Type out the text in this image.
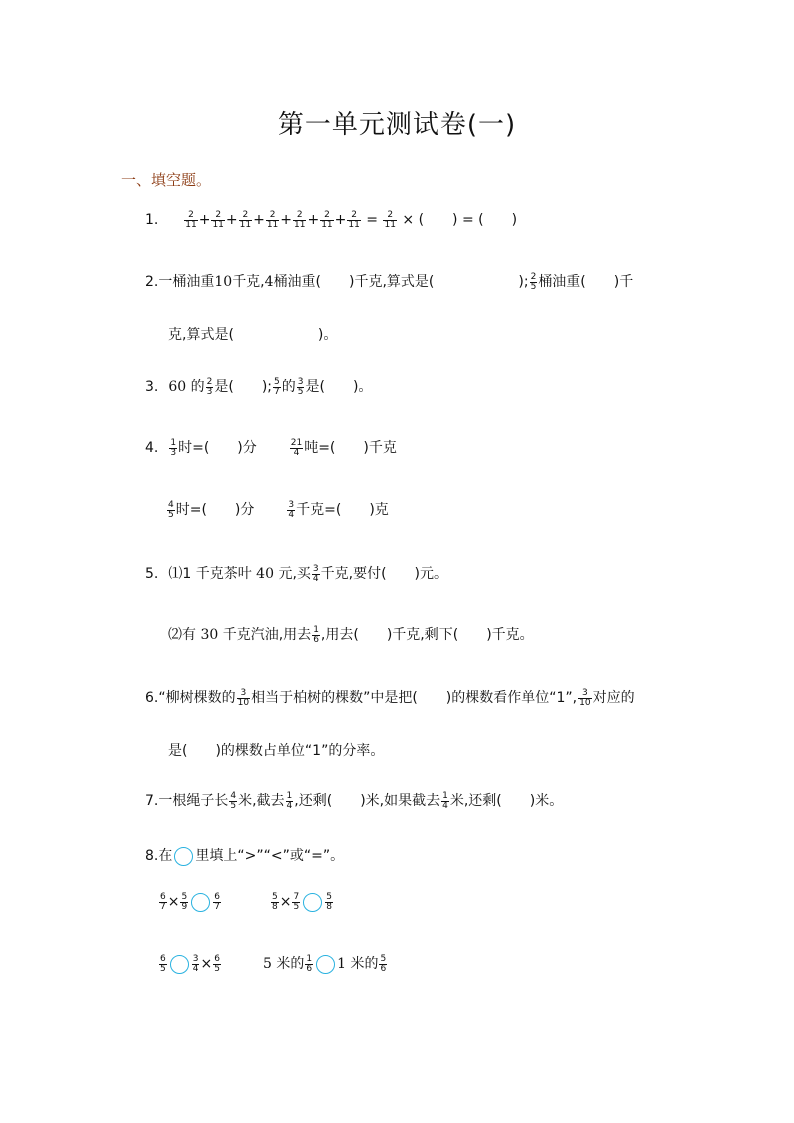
第一单元测试卷(一)
一、填空题。
1.	$\frac{2}{11} + \frac{2}{11} + \frac{2}{11} + \frac{2}{11} + \frac{2}{11} + \frac{2}{11} + \frac{2}{11} = \frac{2}{11}$ × (　　) = (　　)
2.一桶油重10千克,4桶油重(　　)千克,算式是(　　　　　　); $\frac{2}{5}$ 桶油重(　　)千
克,算式是(　　　　　　)。
3. 60 的 $\frac{2}{3}$ 是(　　); $\frac{5}{7}$ 的 $\frac{3}{5}$ 是(　　)。
4. $\frac{1}{3}$ 时=(　　)分	$\frac{21}{4}$ 吨=(　　)千克
$\frac{4}{5}$ 时=(　　)分	$\frac{3}{4}$ 千克=(　　)克
5. ⑴1 千克茶叶 40 元,买 $\frac{3}{4}$ 千克,要付(　　)元。
⑵有 30 千克汽油,用去 $\frac{1}{6}$ ,用去(　　)千克,剩下(　　)千克。
6.“柳树棵数的 $\frac{3}{10}$ 相当于柏树的棵数”中是把(　　)的棵数看作单位“1”, $\frac{3}{10}$ 对应的
是(　　)的棵数占单位“1”的分率。
7.一根绳子长 $\frac{4}{5}$ 米,截去 $\frac{1}{4}$ ,还剩(　　)米,如果截去 $\frac{1}{4}$ 米,还剩(　　)米。
8.在 里填上“>”“<”或“=”。
$\frac{6}{7} \times \frac{5}{9}$	$\frac{6}{7}$	$\frac{5}{8} \times \frac{7}{5}$	$\frac{5}{8}$
$\frac{6}{5}$	$\frac{3}{4} \times \frac{6}{5}$	5 米的 $\frac{1}{6} 1$ 米的 $\frac{5}{6}$
